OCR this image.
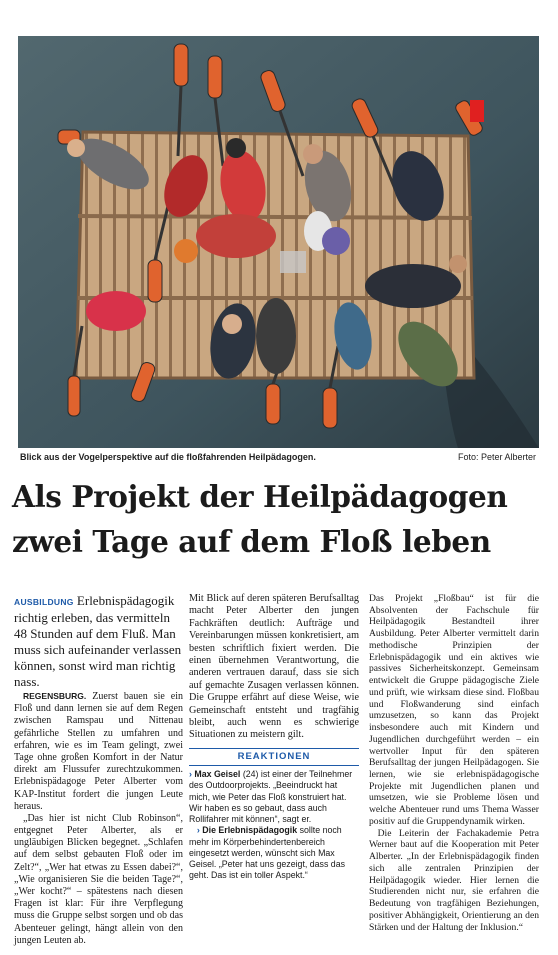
Blick aus der Vogelperspektive auf die floßfahrenden Heilpädagogen.	Foto: Peter Alberter
Als Projekt der Heilpädagogen
zwei Tage auf dem Floß leben

AUSBILDUNG Erlebnispädagogik richtig erleben, das vermitteln 48 Stunden auf dem Fluß. Man muss sich aufeinander verlassen können, sonst wird man richtig nass.

REGENSBURG. Zuerst bauen sie ein Floß und dann lernen sie auf dem Regen zwischen Ramspau und Nittenau gefährliche Stellen zu umfahren und erfahren, wie es im Team gelingt, zwei Tage ohne großen Komfort in der Natur direkt am Flussufer zurechtzukommen. Erlebnispädagoge Peter Alberter vom KAP-Institut fordert die jungen Leute heraus.

„Das hier ist nicht Club Robinson“, entgegnet Peter Alberter, als er ungläubigen Blicken begegnet. „Schlafen auf dem selbst gebauten Floß oder im Zelt?“, „Wer hat etwas zu Essen dabei?“, „Wie organisieren Sie die beiden Tage?“, „Wer kocht?“ – spätestens nach diesen Fragen ist klar: Für ihre Verpflegung muss die Gruppe selbst sorgen und ob das Abenteuer gelingt, hängt allein von den jungen Leuten ab.

Mit Blick auf deren späteren Berufsalltag macht Peter Alberter den jungen Fachkräften deutlich: Aufträge und Vereinbarungen müssen konkretisiert, am besten schriftlich fixiert werden. Die einen übernehmen Verantwortung, die anderen vertrauen darauf, dass sie sich auf gemachte Zusagen verlassen können. Die Gruppe erfährt auf diese Weise, wie Gemeinschaft entsteht und tragfähig bleibt, auch wenn es schwierige Situationen zu meistern gilt.

REAKTIONEN

› Max Geisel (24) ist einer der Teilnehmer des Outdoorprojekts. „Beeindruckt hat mich, wie Peter das Floß konstruiert hat. Wir haben es so gebaut, dass auch Rollifahrer mit können“, sagt er.

› Die Erlebnispädagogik sollte noch mehr im Körperbehindertenbereich eingesetzt werden, wünscht sich Max Geisel. „Peter hat uns gezeigt, dass das geht. Das ist ein toller Aspekt.“

Das Projekt „Floßbau“ ist für die Absolventen der Fachschule für Heilpädagogik Bestandteil ihrer Ausbildung. Peter Alberter vermittelt darin methodische Prinzipien der Erlebnispädagogik und ein aktives wie passives Sicherheitskonzept. Gemeinsam entwickelt die Gruppe pädagogische Ziele und prüft, wie wirksam diese sind. Floßbau und Floßwanderung sind einfach umzusetzen, so kann das Projekt insbesondere auch mit Kindern und Jugendlichen durchgeführt werden – ein wertvoller Input für den späteren Berufsalltag der jungen Heilpädagogen. Sie lernen, wie sie erlebnispädagogische Projekte mit Jugendlichen planen und umsetzen, wie sie Probleme lösen und welche Abenteuer rund ums Thema Wasser positiv auf die Gruppendynamik wirken.

Die Leiterin der Fachakademie Petra Werner baut auf die Kooperation mit Peter Alberter. „In der Erlebnispädagogik finden sich alle zentralen Prinzipien der Heilpädagogik wieder. Hier lernen die Studierenden nicht nur, sie erfahren die Bedeutung von tragfähigen Beziehungen, positiver Abhängigkeit, Orientierung an den Stärken und der Haltung der Inklusion.“
